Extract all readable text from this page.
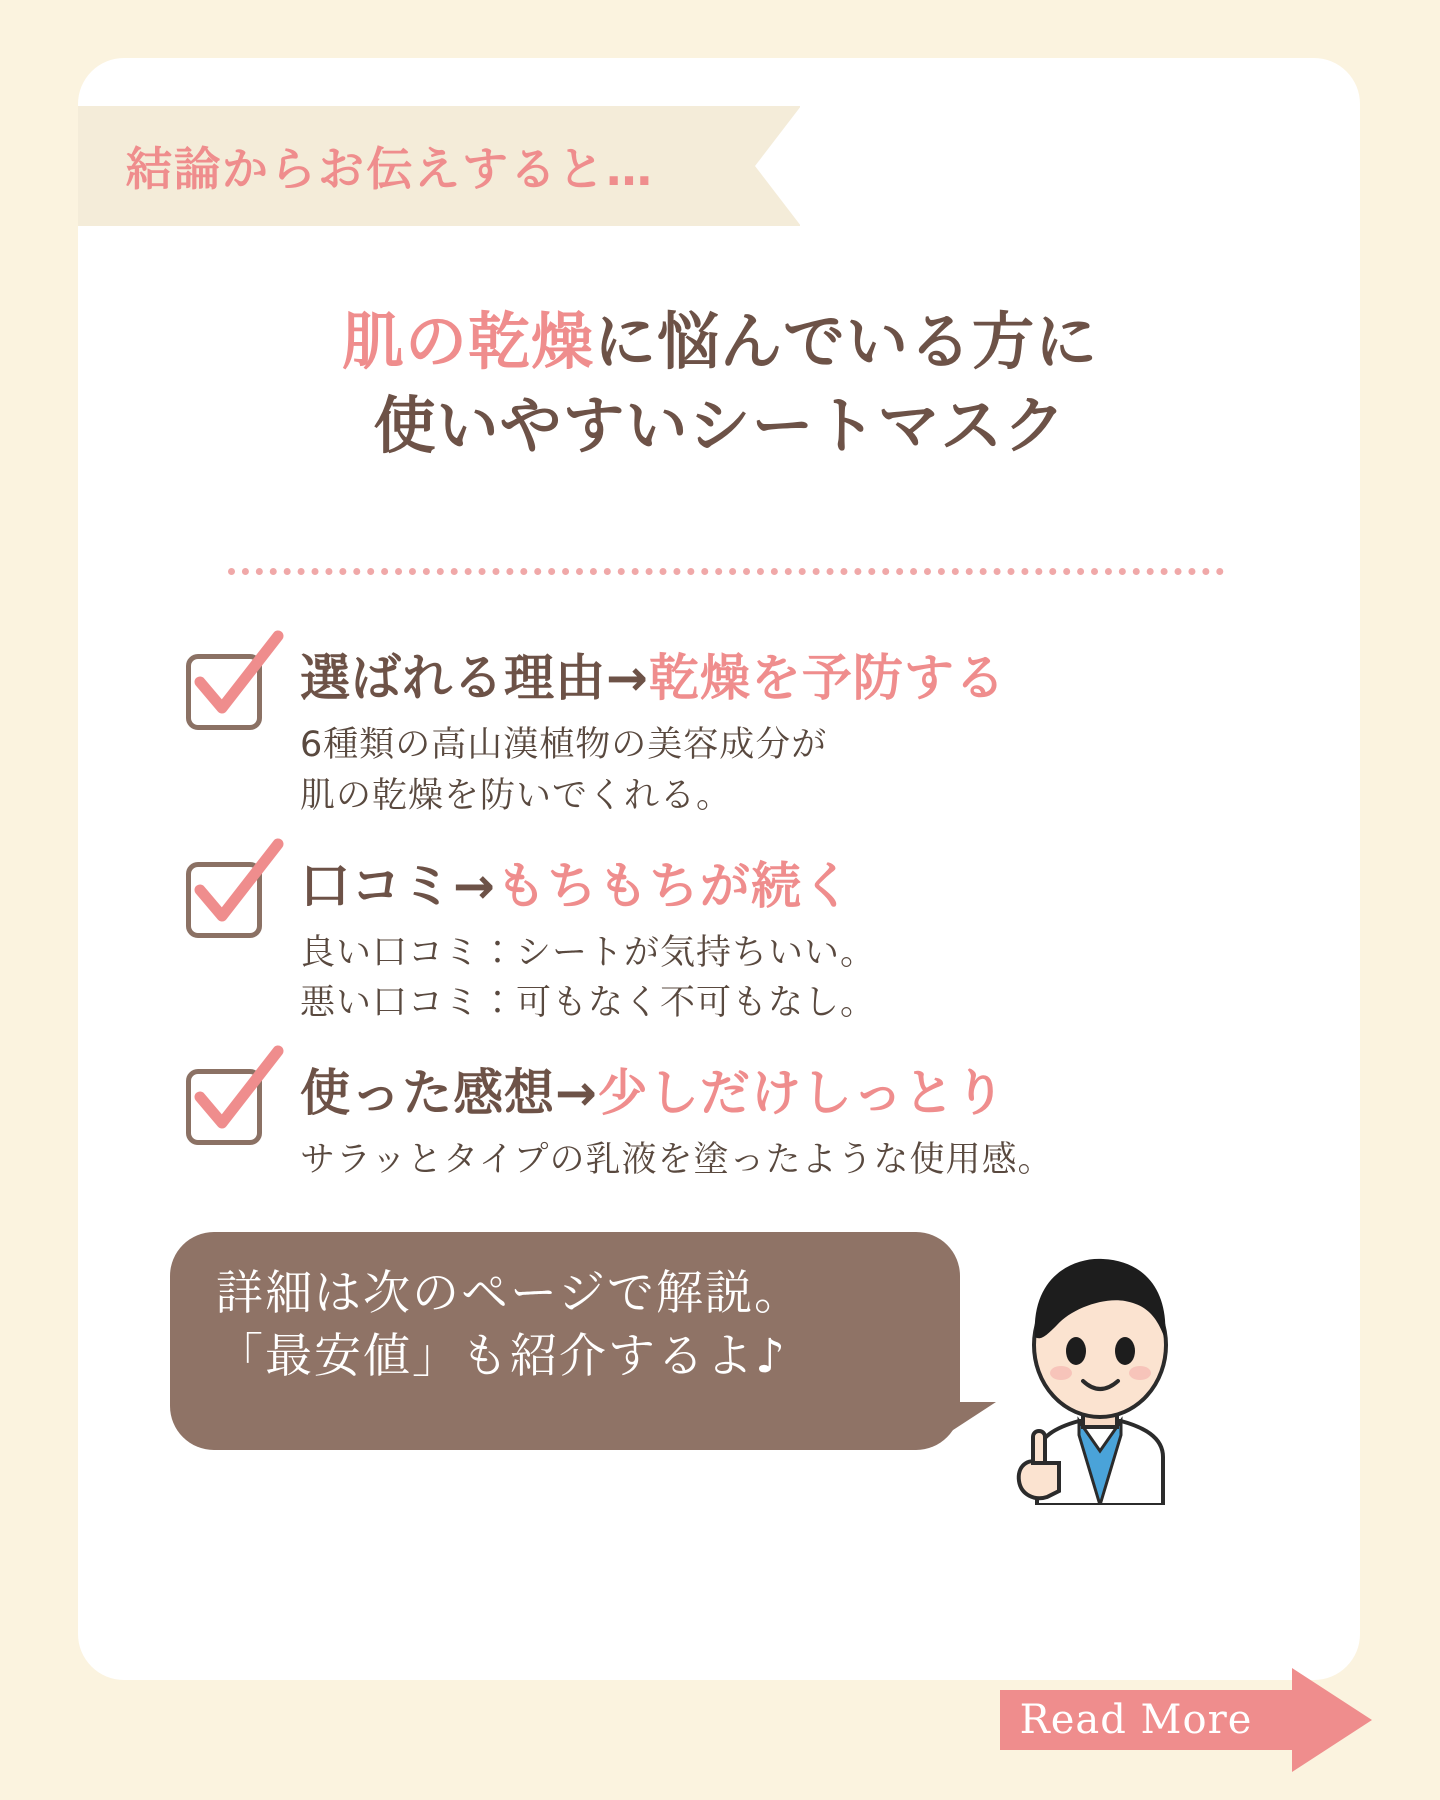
結論からお伝えすると…
肌の乾燥に悩んでいる方に
使いやすいシートマスク
選ばれる理由→乾燥を予防する
6種類の高山漢植物の美容成分が
肌の乾燥を防いでくれる。
口コミ→もちもちが続く
良い口コミ：シートが気持ちいい。
悪い口コミ：可もなく不可もなし。
使った感想→少しだけしっとり
サラッとタイプの乳液を塗ったような使用感。
詳細は次のページで解説。
「最安値」も紹介するよ♪
Read More
